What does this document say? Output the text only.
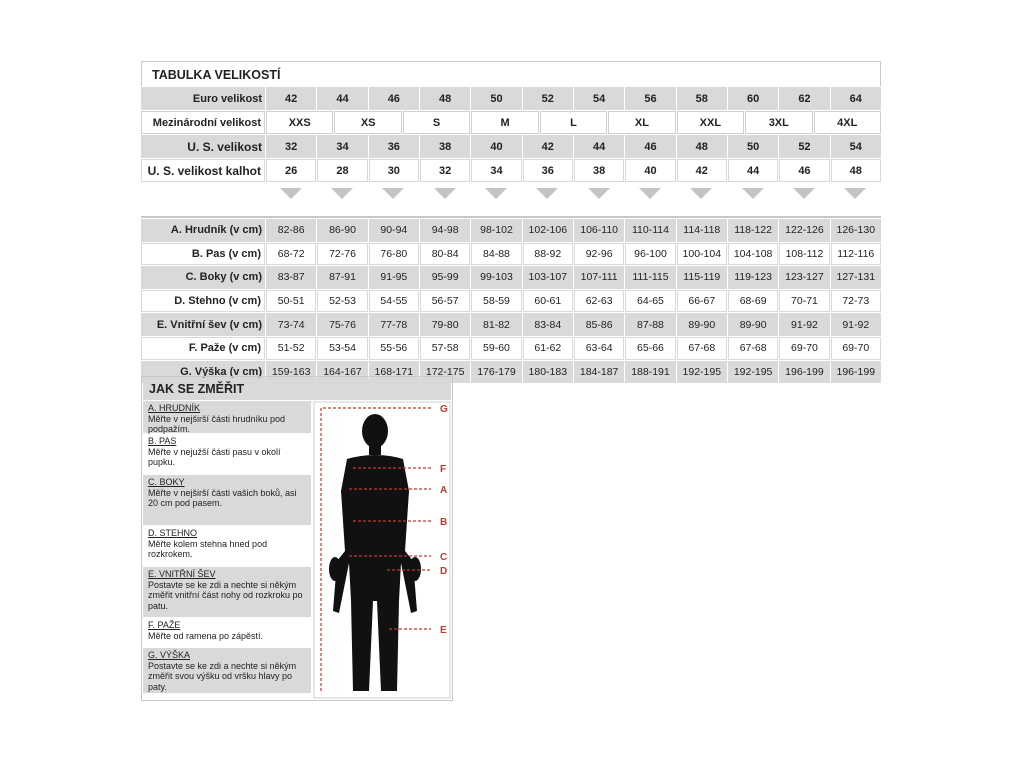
TABULKA VELIKOSTÍ
Euro velikost	42	44	46	48	50	52	54	56	58	60	62	64
Mezinárodní velikost	XXS	XS	S	M	L	XL	XXL	3XL	4XL
U. S. velikost	32	34	36	38	40	42	44	46	48	50	52	54
U. S. velikost kalhot	26	28	30	32	34	36	38	40	42	44	46	48
A. Hrudník (v cm)	82-86	86-90	90-94	94-98	98-102	102-106	106-110	110-114	114-118	118-122	122-126	126-130
B. Pas (v cm)	68-72	72-76	76-80	80-84	84-88	88-92	92-96	96-100	100-104	104-108	108-112	112-116
C. Boky (v cm)	83-87	87-91	91-95	95-99	99-103	103-107	107-111	111-115	115-119	119-123	123-127	127-131
D. Stehno (v cm)	50-51	52-53	54-55	56-57	58-59	60-61	62-63	64-65	66-67	68-69	70-71	72-73
E. Vnitřní šev (v cm)	73-74	75-76	77-78	79-80	81-82	83-84	85-86	87-88	89-90	89-90	91-92	91-92
F. Paže (v cm)	51-52	53-54	55-56	57-58	59-60	61-62	63-64	65-66	67-68	67-68	69-70	69-70
G. Výška (v cm) 159-163	164-167	168-171	172-175	176-179	180-183	184-187	188-191	192-195	192-195	196-199	196-199
JAK SE ZMĚŘIT
A. HRUDNÍK
Měřte v nejširší části hrudníku pod podpažím.
B. PAS
Měřte v nejužší části pasu v okolí pupku.
C. BOKY
Měřte v nejširší části vašich boků, asi 20 cm pod pasem.
D. STEHNO
Měřte kolem stehna hned pod rozkrokem.
E. VNITŘNÍ ŠEV
Postavte se ke zdi a nechte si někým změřit vnitřní část nohy od rozkroku po patu.
F. PAŽE
Měřte od ramena po zápěstí.
G. VÝŠKA
Postavte se ke zdi a nechte si někým změřit svou výšku od vršku hlavy po paty.
G
F
A
B
C
D
E
